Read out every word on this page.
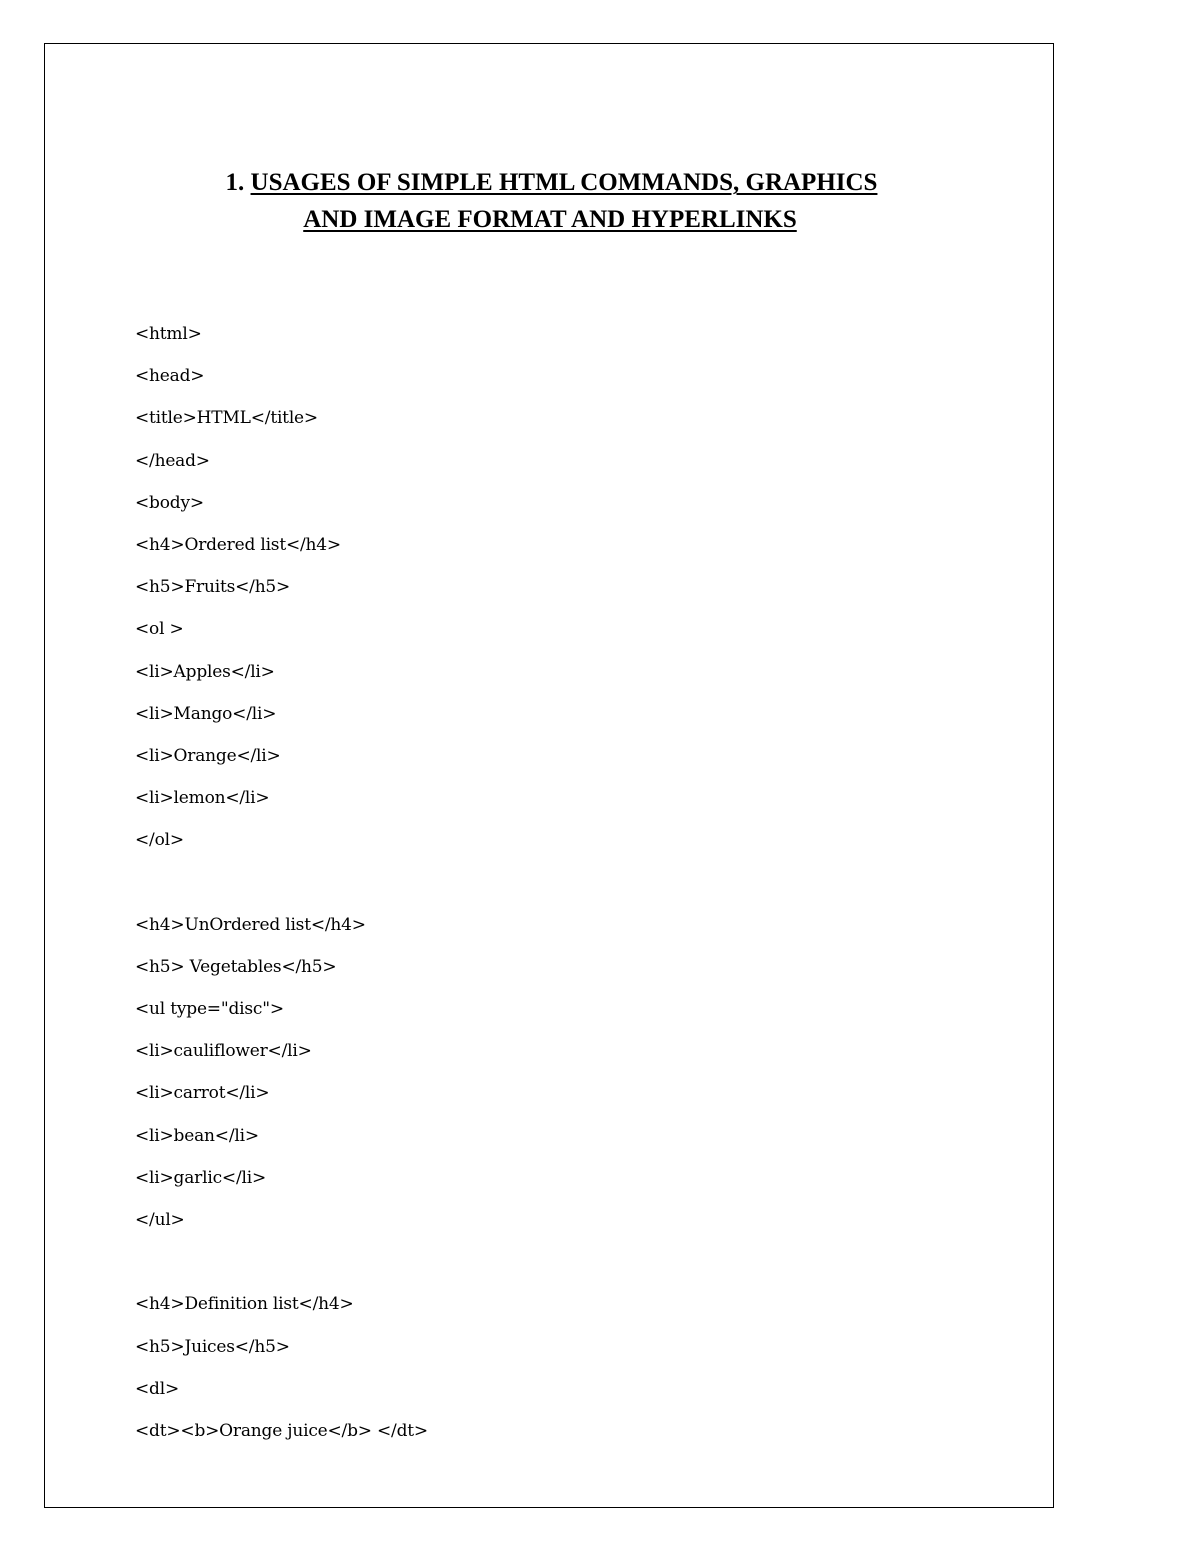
1. USAGES OF SIMPLE HTML COMMANDS, GRAPHICS
AND IMAGE FORMAT AND HYPERLINKS
<html>
<head>
<title>HTML</title>
</head>
<body>
<h4>Ordered list</h4>
<h5>Fruits</h5>
<ol >
<li>Apples</li>
<li>Mango</li>
<li>Orange</li>
<li>lemon</li>
</ol>
<h4>UnOrdered list</h4>
<h5> Vegetables</h5>
<ul type="disc">
<li>cauliflower</li>
<li>carrot</li>
<li>bean</li>
<li>garlic</li>
</ul>
<h4>Definition list</h4>
<h5>Juices</h5>
<dl>
<dt><b>Orange juice</b> </dt>
